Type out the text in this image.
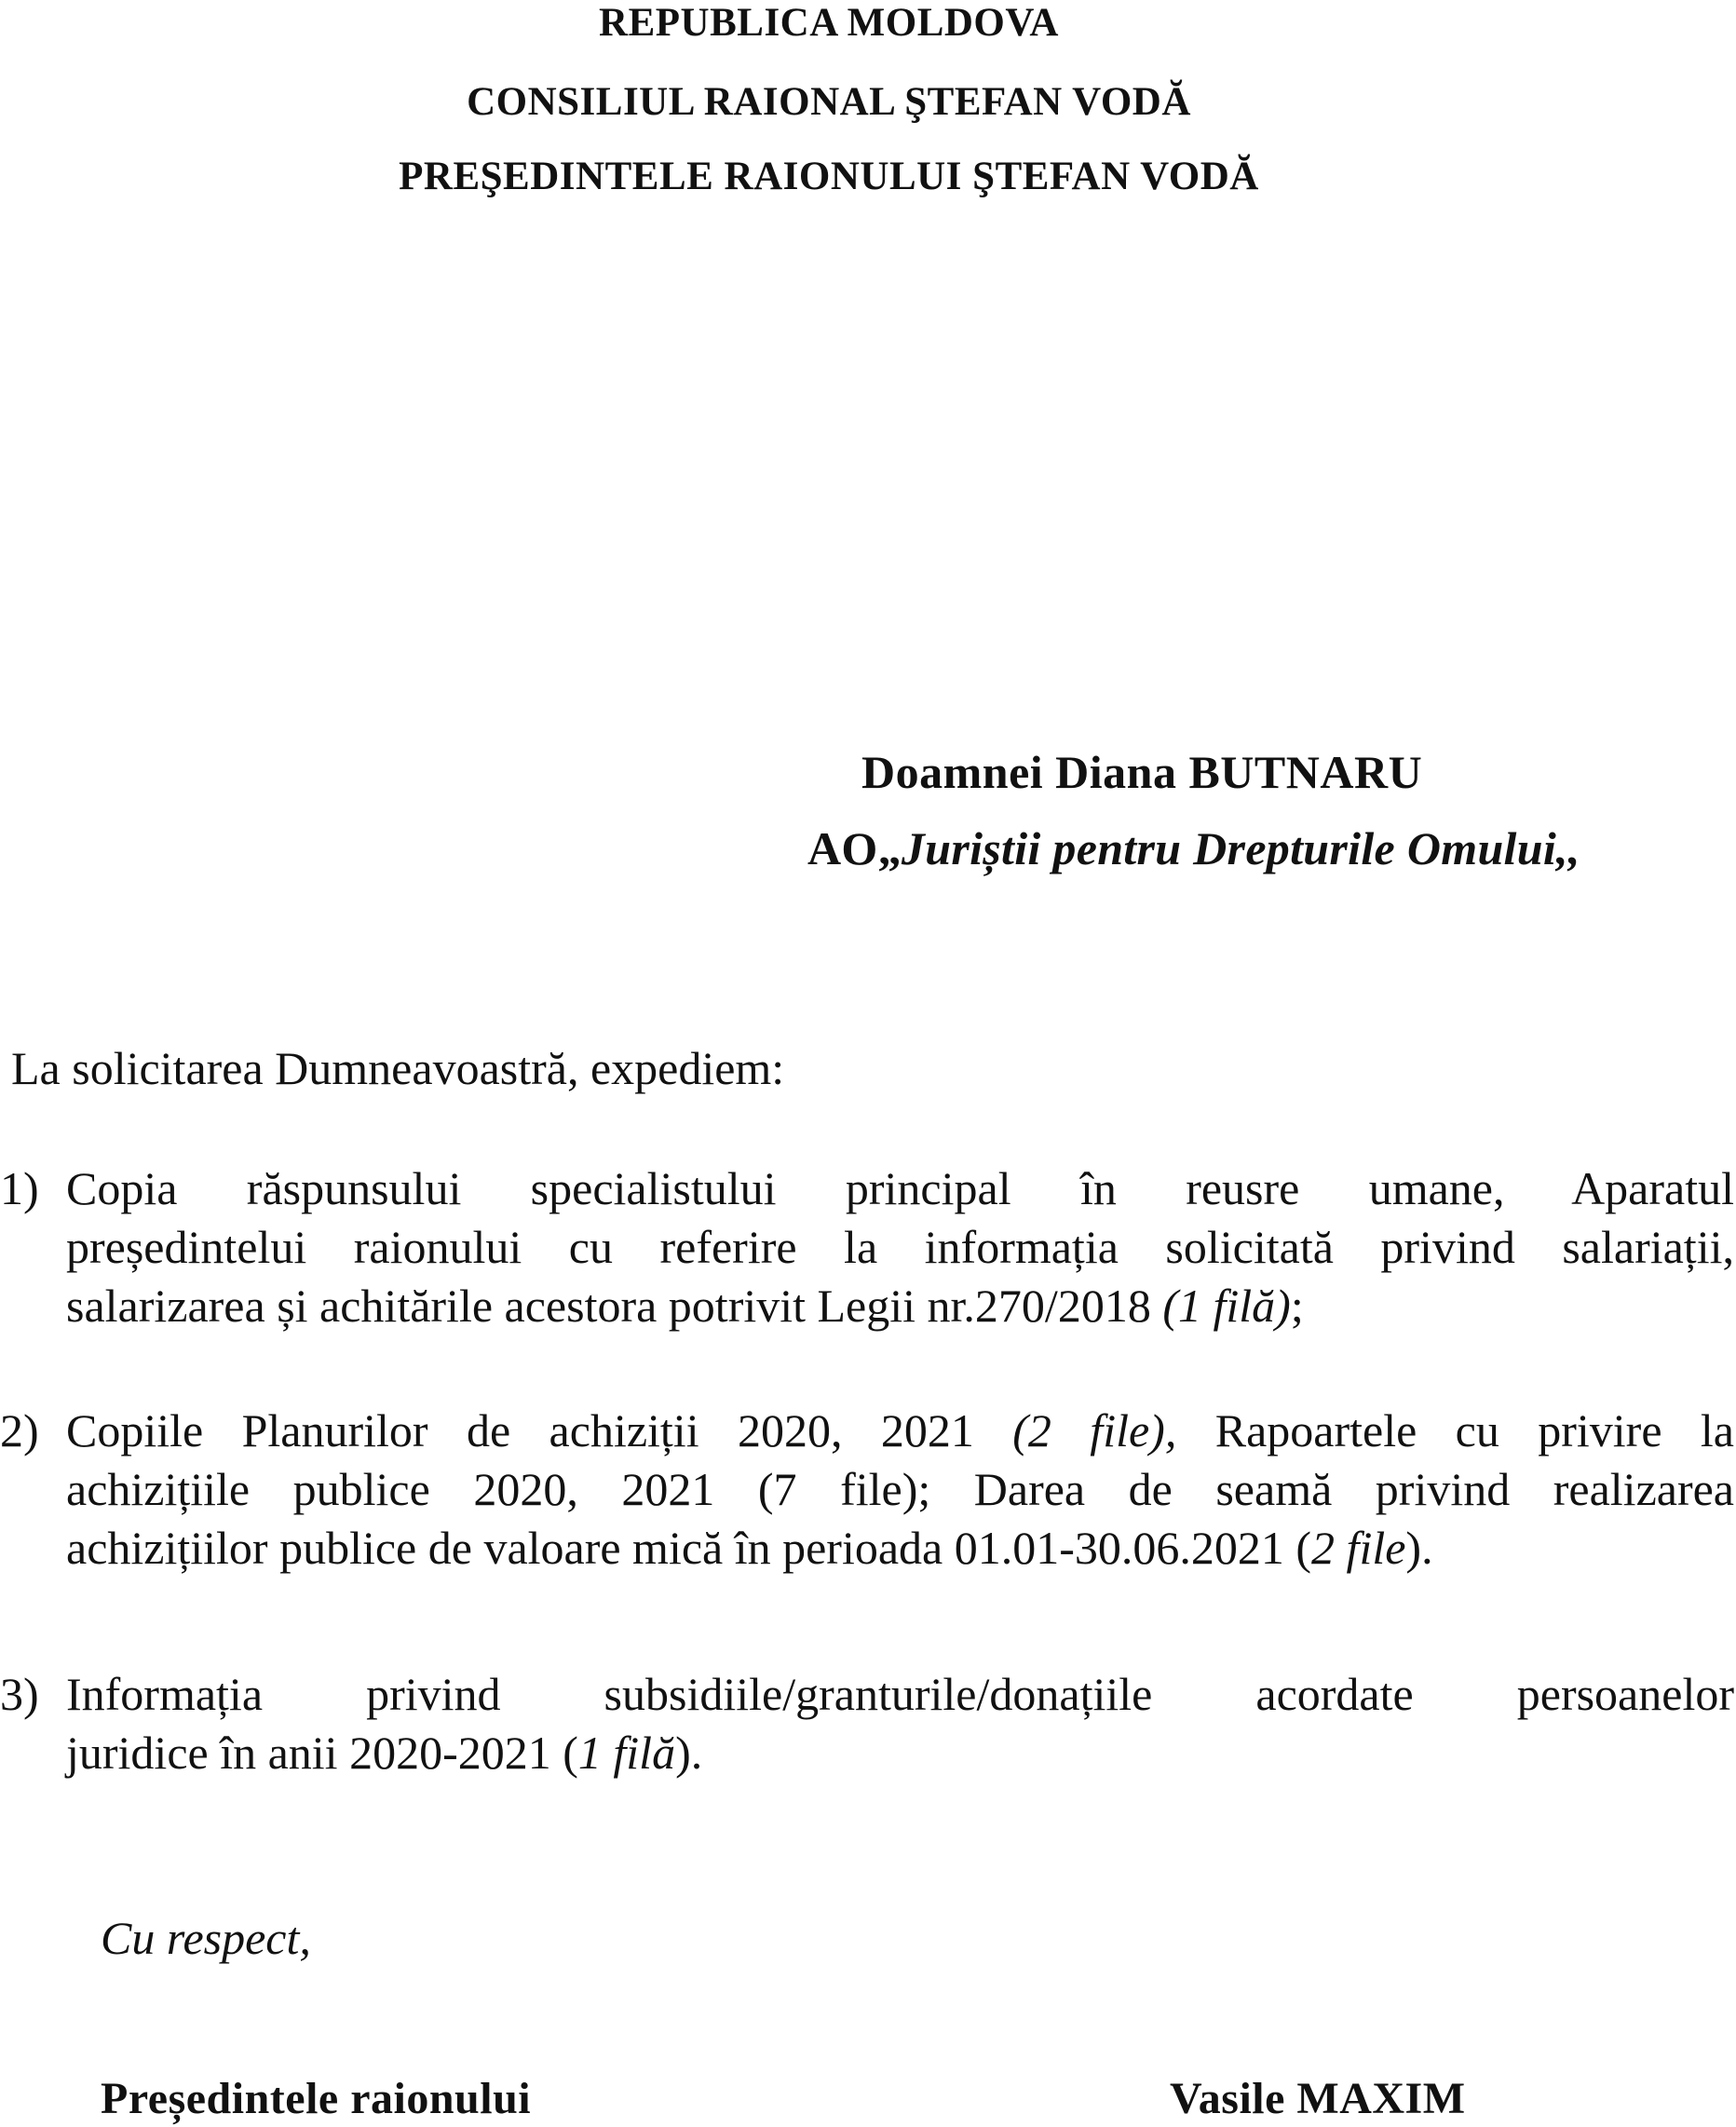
REPUBLICA MOLDOVA
CONSILIUL RAIONAL ŞTEFAN VODĂ
PREŞEDINTELE RAIONULUI ŞTEFAN VODĂ
Doamnei Diana BUTNARU
AO„Juriștii pentru Drepturile Omului,,
La solicitarea Dumneavoastră, expediem:
1) Copia răspunsului specialistului principal în reusre umane, Aparatul
președintelui raionului cu referire la informația solicitată privind salariații,
salarizarea și achitările acestora potrivit Legii nr.270/2018 (1 filă);
2) Copiile Planurilor de achiziții 2020, 2021 (2 file), Rapoartele cu privire la
achizițiile publice 2020, 2021 (7 file); Darea de seamă privind realizarea
achizițiilor publice de valoare mică în perioada 01.01-30.06.2021 (2 file).
3) Informația privind subsidiile/granturile/donațiile acordate persoanelor
juridice în anii 2020-2021 (1 filă).
Cu respect,
Președintele raionului	Vasile MAXIM
